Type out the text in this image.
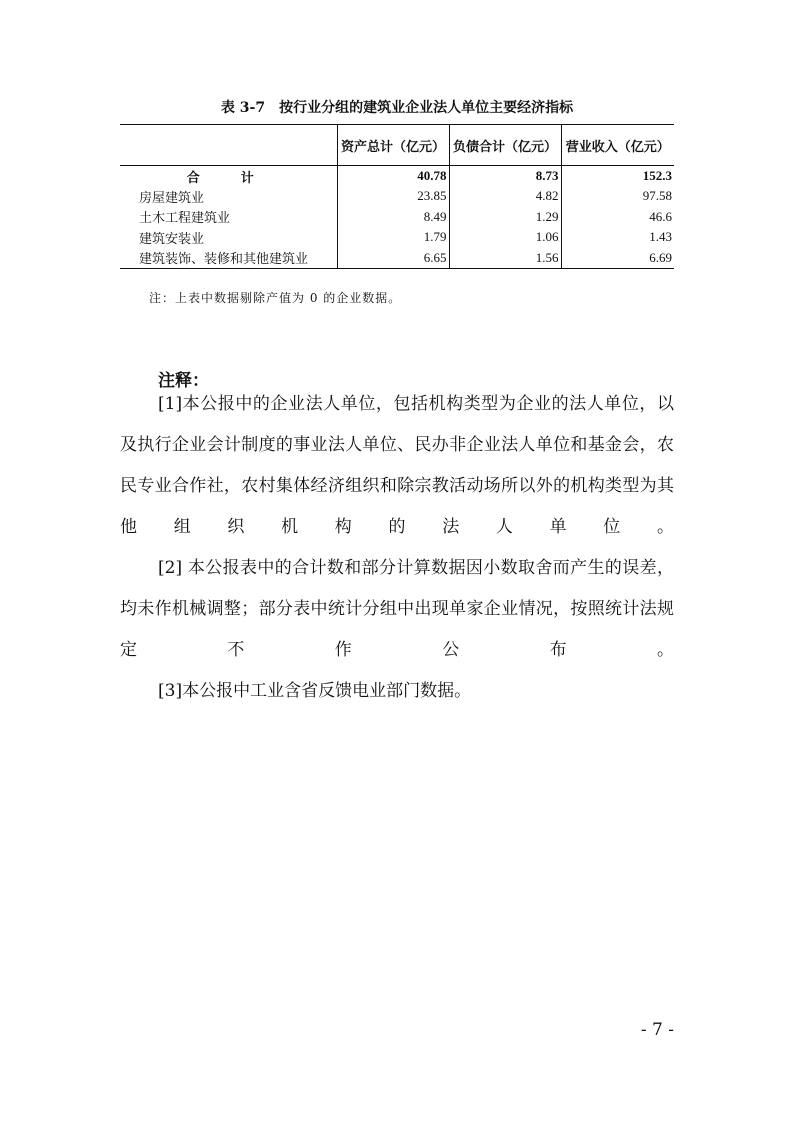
表 3-7　按行业分组的建筑业企业法人单位主要经济指标
	资产总计（亿元）	负债合计（亿元）	营业收入（亿元）
合　计	40.78	8.73	152.3
房屋建筑业	23.85	4.82	97.58
土木工程建筑业	8.49	1.29	46.6
建筑安装业	1.79	1.06	1.43
建筑装饰、装修和其他建筑业	6.65	1.56	6.69
注：上表中数据剔除产值为 0 的企业数据。
注释：

[1]本公报中的企业法人单位，包括机构类型为企业的法人单位，以及执行企业会计制度的事业法人单位、民办非企业法人单位和基金会，农民专业合作社，农村集体经济组织和除宗教活动场所以外的机构类型为其他组织机构的法人单位。

[2] 本公报表中的合计数和部分计算数据因小数取舍而产生的误差，均未作机械调整；部分表中统计分组中出现单家企业情况，按照统计法规定不作公布。

[3]本公报中工业含省反馈电业部门数据。

- 7 -
